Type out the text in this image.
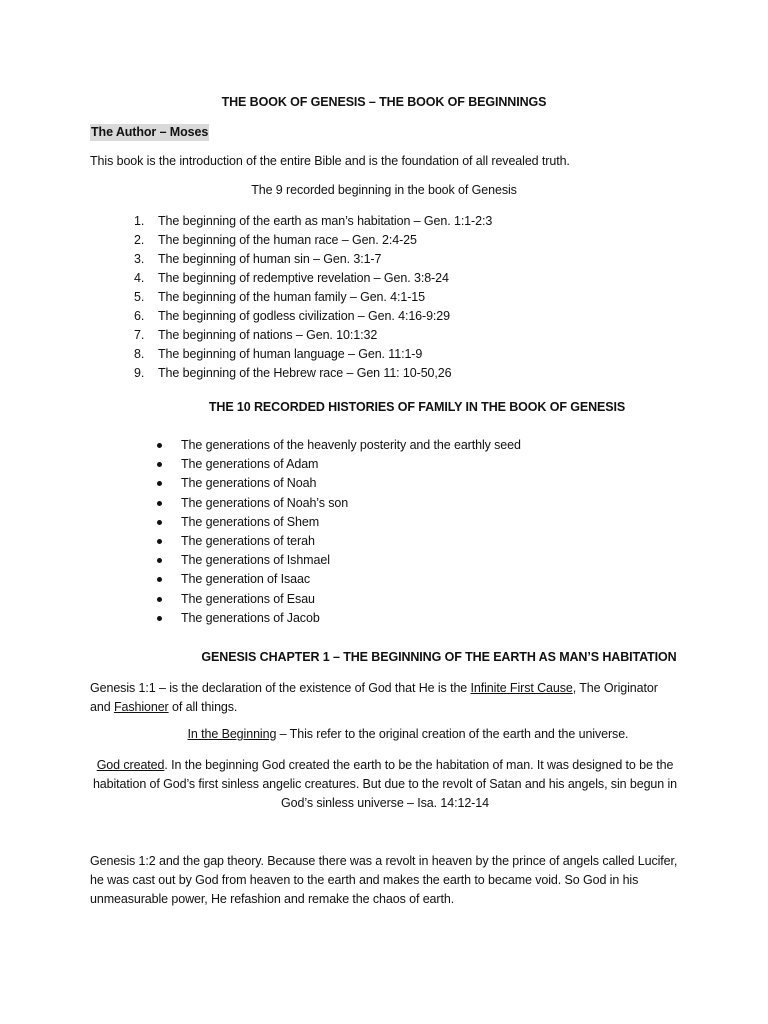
THE BOOK OF GENESIS – THE BOOK OF BEGINNINGS
The Author – Moses
This book is the introduction of the entire Bible and is the foundation of all revealed truth.
The 9 recorded beginning in the book of Genesis
1. The beginning of the earth as man’s habitation – Gen. 1:1-2:3
2. The beginning of the human race – Gen. 2:4-25
3. The beginning of human sin – Gen. 3:1-7
4. The beginning of redemptive revelation – Gen. 3:8-24
5. The beginning of the human family – Gen. 4:1-15
6. The beginning of godless civilization – Gen. 4:16-9:29
7. The beginning of nations – Gen. 10:1:32
8. The beginning of human language – Gen. 11:1-9
9. The beginning of the Hebrew race – Gen 11: 10-50,26
THE 10 RECORDED HISTORIES OF FAMILY IN THE BOOK OF GENESIS
The generations of the heavenly posterity and the earthly seed
The generations of Adam
The generations of Noah
The generations of Noah’s son
The generations of Shem
The generations of terah
The generations of Ishmael
The generation of Isaac
The generations of Esau
The generations of Jacob
GENESIS CHAPTER 1 – THE BEGINNING OF THE EARTH AS MAN’S HABITATION
Genesis 1:1 – is the declaration of the existence of God that He is the Infinite First Cause, The Originator and Fashioner of all things.
In the Beginning – This refer to the original creation of the earth and the universe.
God created. In the beginning God created the earth to be the habitation of man. It was designed to be the habitation of God’s first sinless angelic creatures. But due to the revolt of Satan and his angels, sin begun in God’s sinless universe – Isa. 14:12-14
Genesis 1:2 and the gap theory. Because there was a revolt in heaven by the prince of angels called Lucifer, he was cast out by God from heaven to the earth and makes the earth to became void. So God in his unmeasurable power, He refashion and remake the chaos of earth.
